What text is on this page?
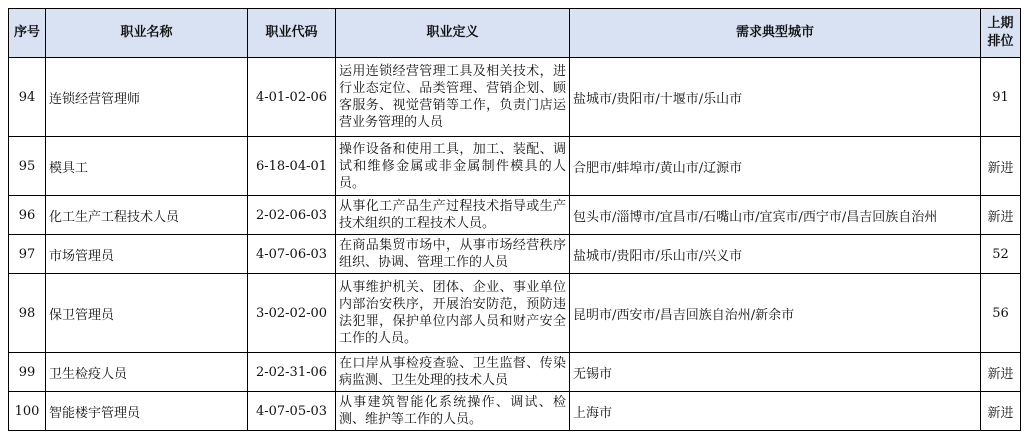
序号	职业名称	职业代码	职业定义	需求典型城市	上期排位
94	连锁经营管理师	4-01-02-06	运用连锁经营管理工具及相关技术，进行业态定位、品类管理、营销企划、顾客服务、视觉营销等工作，负责门店运营业务管理的人员	盐城市/贵阳市/十堰市/乐山市	91
95	模具工	6-18-04-01	操作设备和使用工具，加工、装配、调试和维修金属或非金属制件模具的人员。	合肥市/蚌埠市/黄山市/辽源市	新进
96	化工生产工程技术人员	2-02-06-03	从事化工产品生产过程技术指导或生产技术组织的工程技术人员。	包头市/淄博市/宜昌市/石嘴山市/宜宾市/西宁市/昌吉回族自治州	新进
97	市场管理员	4-07-06-03	在商品集贸市场中，从事市场经营秩序组织、协调、管理工作的人员	盐城市/贵阳市/乐山市/兴义市	52
98	保卫管理员	3-02-02-00	从事维护机关、团体、企业、事业单位内部治安秩序，开展治安防范，预防违法犯罪，保护单位内部人员和财产安全工作的人员。	昆明市/西安市/昌吉回族自治州/新余市	56
99	卫生检疫人员	2-02-31-06	在口岸从事检疫查验、卫生监督、传染病监测、卫生处理的技术人员	无锡市	新进
100	智能楼宇管理员	4-07-05-03	从事建筑智能化系统操作、调试、检测、维护等工作的人员。	上海市	新进
